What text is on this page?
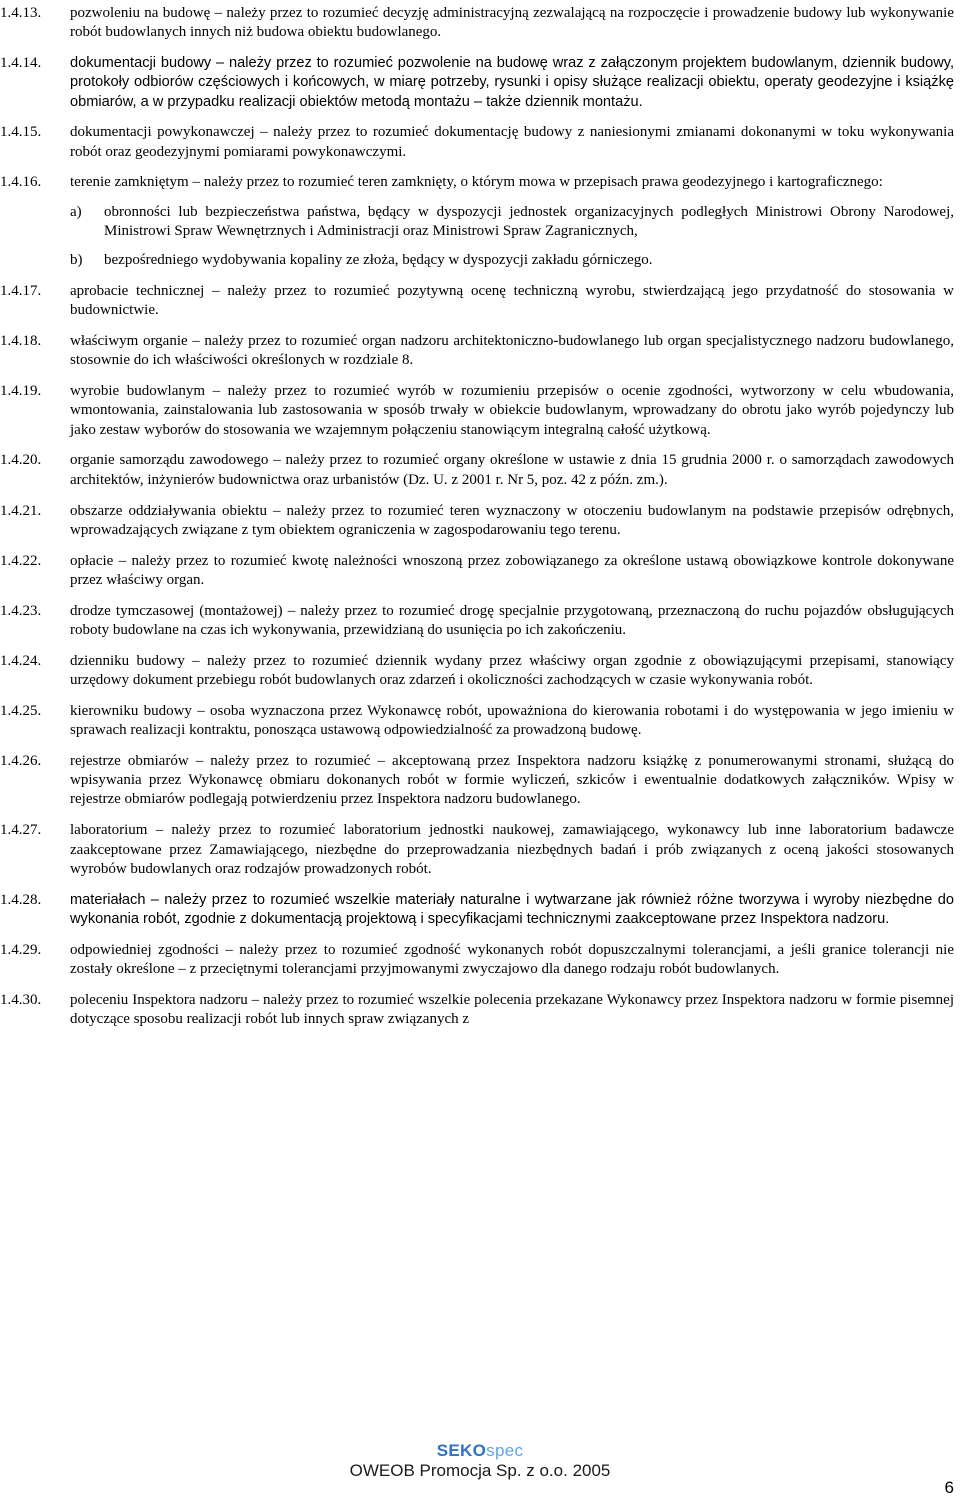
1.4.13.	pozwoleniu na budowę – należy przez to rozumieć decyzję administracyjną zezwalającą na rozpoczęcie i prowadzenie budowy lub wykonywanie robót budowlanych innych niż budowa obiektu budowlanego.
1.4.14.	dokumentacji budowy – należy przez to rozumieć pozwolenie na budowę wraz z załączonym projektem budowlanym, dziennik budowy, protokoły odbiorów częściowych i końcowych, w miarę potrzeby, rysunki i opisy służące realizacji obiektu, operaty geodezyjne i książkę obmiarów, a w przypadku realizacji obiektów metodą montażu – także dziennik montażu.
1.4.15.	dokumentacji powykonawczej – należy przez to rozumieć dokumentację budowy z naniesionymi zmianami dokonanymi w toku wykonywania robót oraz geodezyjnymi pomiarami powykonawczymi.
1.4.16.	terenie zamkniętym – należy przez to rozumieć teren zamknięty, o którym mowa w przepisach prawa geodezyjnego i kartograficznego:
a)	obronności lub bezpieczeństwa państwa, będący w dyspozycji jednostek organizacyjnych podległych Ministrowi Obrony Narodowej, Ministrowi Spraw Wewnętrznych i Administracji oraz Ministrowi Spraw Zagranicznych,
b)	bezpośredniego wydobywania kopaliny ze złoża, będący w dyspozycji zakładu górniczego.
1.4.17.	aprobacie technicznej – należy przez to rozumieć pozytywną ocenę techniczną wyrobu, stwierdzającą jego przydatność do stosowania w budownictwie.
1.4.18.	właściwym organie – należy przez to rozumieć organ nadzoru architektoniczno-budowlanego lub organ specjalistycznego nadzoru budowlanego, stosownie do ich właściwości określonych w rozdziale 8.
1.4.19.	wyrobie budowlanym – należy przez to rozumieć wyrób w rozumieniu przepisów o ocenie zgodności, wytworzony w celu wbudowania, wmontowania, zainstalowania lub zastosowania w sposób trwały w obiekcie budowlanym, wprowadzany do obrotu jako wyrób pojedynczy lub jako zestaw wyborów do stosowania we wzajemnym połączeniu stanowiącym integralną całość użytkową.
1.4.20.	organie samorządu zawodowego – należy przez to rozumieć organy określone w ustawie z dnia 15 grudnia 2000 r. o samorządach zawodowych architektów, inżynierów budownictwa oraz urbanistów (Dz. U. z 2001 r. Nr 5, poz. 42 z późn. zm.).
1.4.21.	obszarze oddziaływania obiektu – należy przez to rozumieć teren wyznaczony w otoczeniu budowlanym na podstawie przepisów odrębnych, wprowadzających związane z tym obiektem ograniczenia w zagospodarowaniu tego terenu.
1.4.22.	opłacie – należy przez to rozumieć kwotę należności wnoszoną przez zobowiązanego za określone ustawą obowiązkowe kontrole dokonywane przez właściwy organ.
1.4.23.	drodze tymczasowej (montażowej) – należy przez to rozumieć drogę specjalnie przygotowaną, przeznaczoną do ruchu pojazdów obsługujących roboty budowlane na czas ich wykonywania, przewidzianą do usunięcia po ich zakończeniu.
1.4.24.	dzienniku budowy – należy przez to rozumieć dziennik wydany przez właściwy organ zgodnie z obowiązującymi przepisami, stanowiący urzędowy dokument przebiegu robót budowlanych oraz zdarzeń i okoliczności zachodzących w czasie wykonywania robót.
1.4.25.	kierowniku budowy – osoba wyznaczona przez Wykonawcę robót, upoważniona do kierowania robotami i do występowania w jego imieniu w sprawach realizacji kontraktu, ponosząca ustawową odpowiedzialność za prowadzoną budowę.
1.4.26.	rejestrze obmiarów – należy przez to rozumieć – akceptowaną przez Inspektora nadzoru książkę z ponumerowanymi stronami, służącą do wpisywania przez Wykonawcę obmiaru dokonanych robót w formie wyliczeń, szkiców i ewentualnie dodatkowych załączników. Wpisy w rejestrze obmiarów podlegają potwierdzeniu przez Inspektora nadzoru budowlanego.
1.4.27.	laboratorium – należy przez to rozumieć laboratorium jednostki naukowej, zamawiającego, wykonawcy lub inne laboratorium badawcze zaakceptowane przez Zamawiającego, niezbędne do przeprowadzania niezbędnych badań i prób związanych z oceną jakości stosowanych wyrobów budowlanych oraz rodzajów prowadzonych robót.
1.4.28.	materiałach – należy przez to rozumieć wszelkie materiały naturalne i wytwarzane jak również różne tworzywa i wyroby niezbędne do wykonania robót, zgodnie z dokumentacją projektową i specyfikacjami technicznymi zaakceptowane przez Inspektora nadzoru.
1.4.29.	odpowiedniej zgodności – należy przez to rozumieć zgodność wykonanych robót dopuszczalnymi tolerancjami, a jeśli granice tolerancji nie zostały określone – z przeciętnymi tolerancjami przyjmowanymi zwyczajowo dla danego rodzaju robót budowlanych.
1.4.30.	poleceniu Inspektora nadzoru – należy przez to rozumieć wszelkie polecenia przekazane Wykonawcy przez Inspektora nadzoru w formie pisemnej dotyczące sposobu realizacji robót lub innych spraw związanych z
SEKOspec
OWEOB Promocja Sp. z o.o. 2005
6
